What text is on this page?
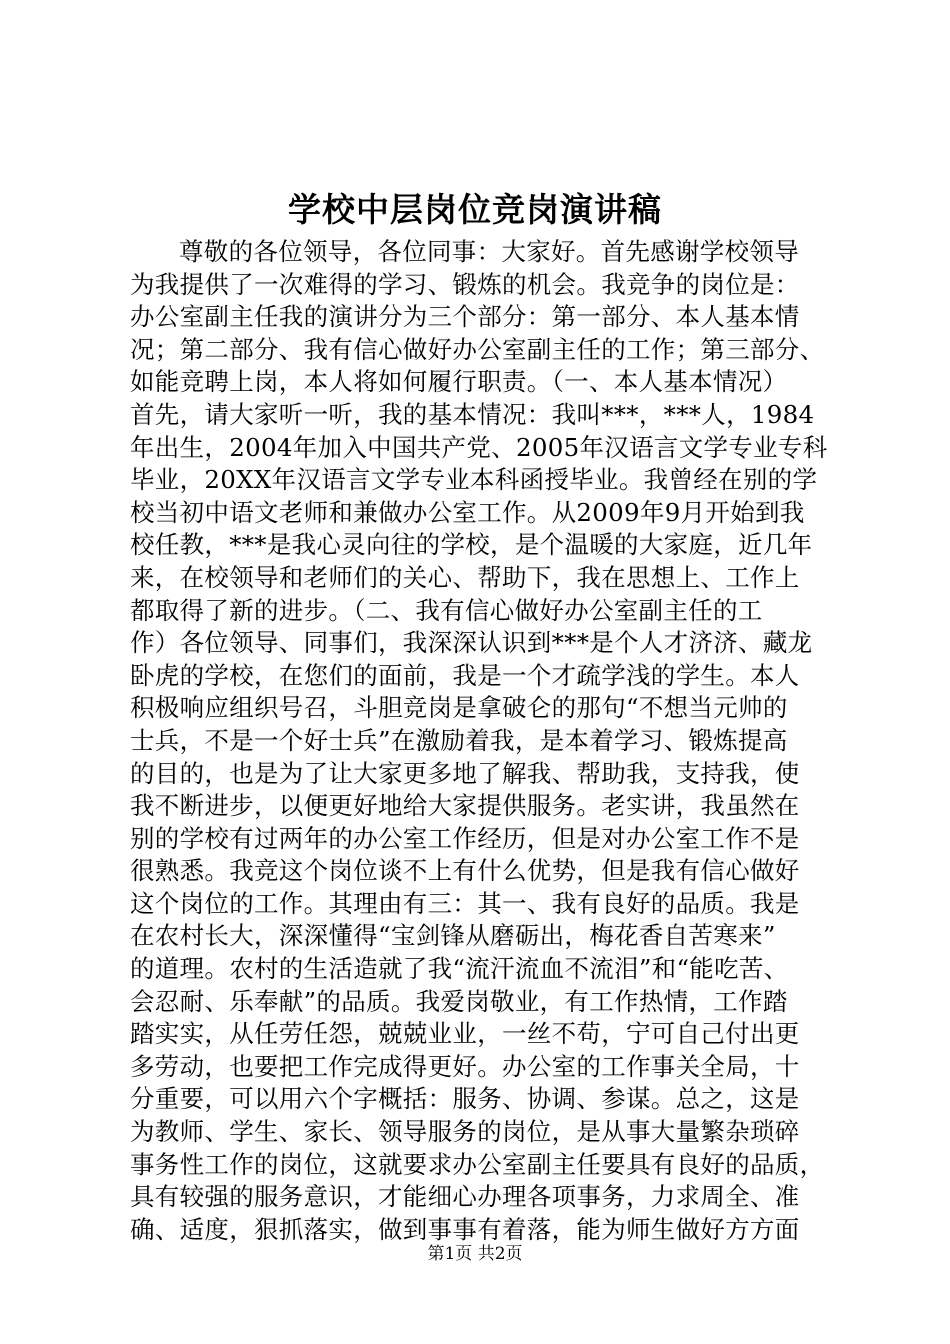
学校中层岗位竞岗演讲稿
尊敬的各位领导，各位同事：大家好。首先感谢学校领导
为我提供了一次难得的学习、锻炼的机会。我竞争的岗位是：
办公室副主任我的演讲分为三个部分：第一部分、本人基本情
况；第二部分、我有信心做好办公室副主任的工作；第三部分、
如能竞聘上岗，本人将如何履行职责。（一、本人基本情况）
首先，请大家听一听，我的基本情况：我叫***，***人，1984
年出生，2004年加入中国共产党、2005年汉语言文学专业专科
毕业，20XX年汉语言文学专业本科函授毕业。我曾经在别的学
校当初中语文老师和兼做办公室工作。从2009年9月开始到我
校任教，***是我心灵向往的学校，是个温暖的大家庭，近几年
来，在校领导和老师们的关心、帮助下，我在思想上、工作上
都取得了新的进步。（二、我有信心做好办公室副主任的工
作）各位领导、同事们，我深深认识到***是个人才济济、藏龙
卧虎的学校，在您们的面前，我是一个才疏学浅的学生。本人
积极响应组织号召，斗胆竞岗是拿破仑的那句“不想当元帅的
士兵，不是一个好士兵”在激励着我，是本着学习、锻炼提高
的目的，也是为了让大家更多地了解我、帮助我，支持我，使
我不断进步，以便更好地给大家提供服务。老实讲，我虽然在
别的学校有过两年的办公室工作经历，但是对办公室工作不是
很熟悉。我竞这个岗位谈不上有什么优势，但是我有信心做好
这个岗位的工作。其理由有三：其一、我有良好的品质。我是
在农村长大，深深懂得“宝剑锋从磨砺出，梅花香自苦寒来”
的道理。农村的生活造就了我“流汗流血不流泪”和“能吃苦、
会忍耐、乐奉献”的品质。我爱岗敬业，有工作热情，工作踏
踏实实，从任劳任怨，兢兢业业，一丝不苟，宁可自己付出更
多劳动，也要把工作完成得更好。办公室的工作事关全局，十
分重要，可以用六个字概括：服务、协调、参谋。总之，这是
为教师、学生、家长、领导服务的岗位，是从事大量繁杂琐碎
事务性工作的岗位，这就要求办公室副主任要具有良好的品质，
具有较强的服务意识，才能细心办理各项事务，力求周全、准
确、适度，狠抓落实，做到事事有着落，能为师生做好方方面
第1页 共2页
